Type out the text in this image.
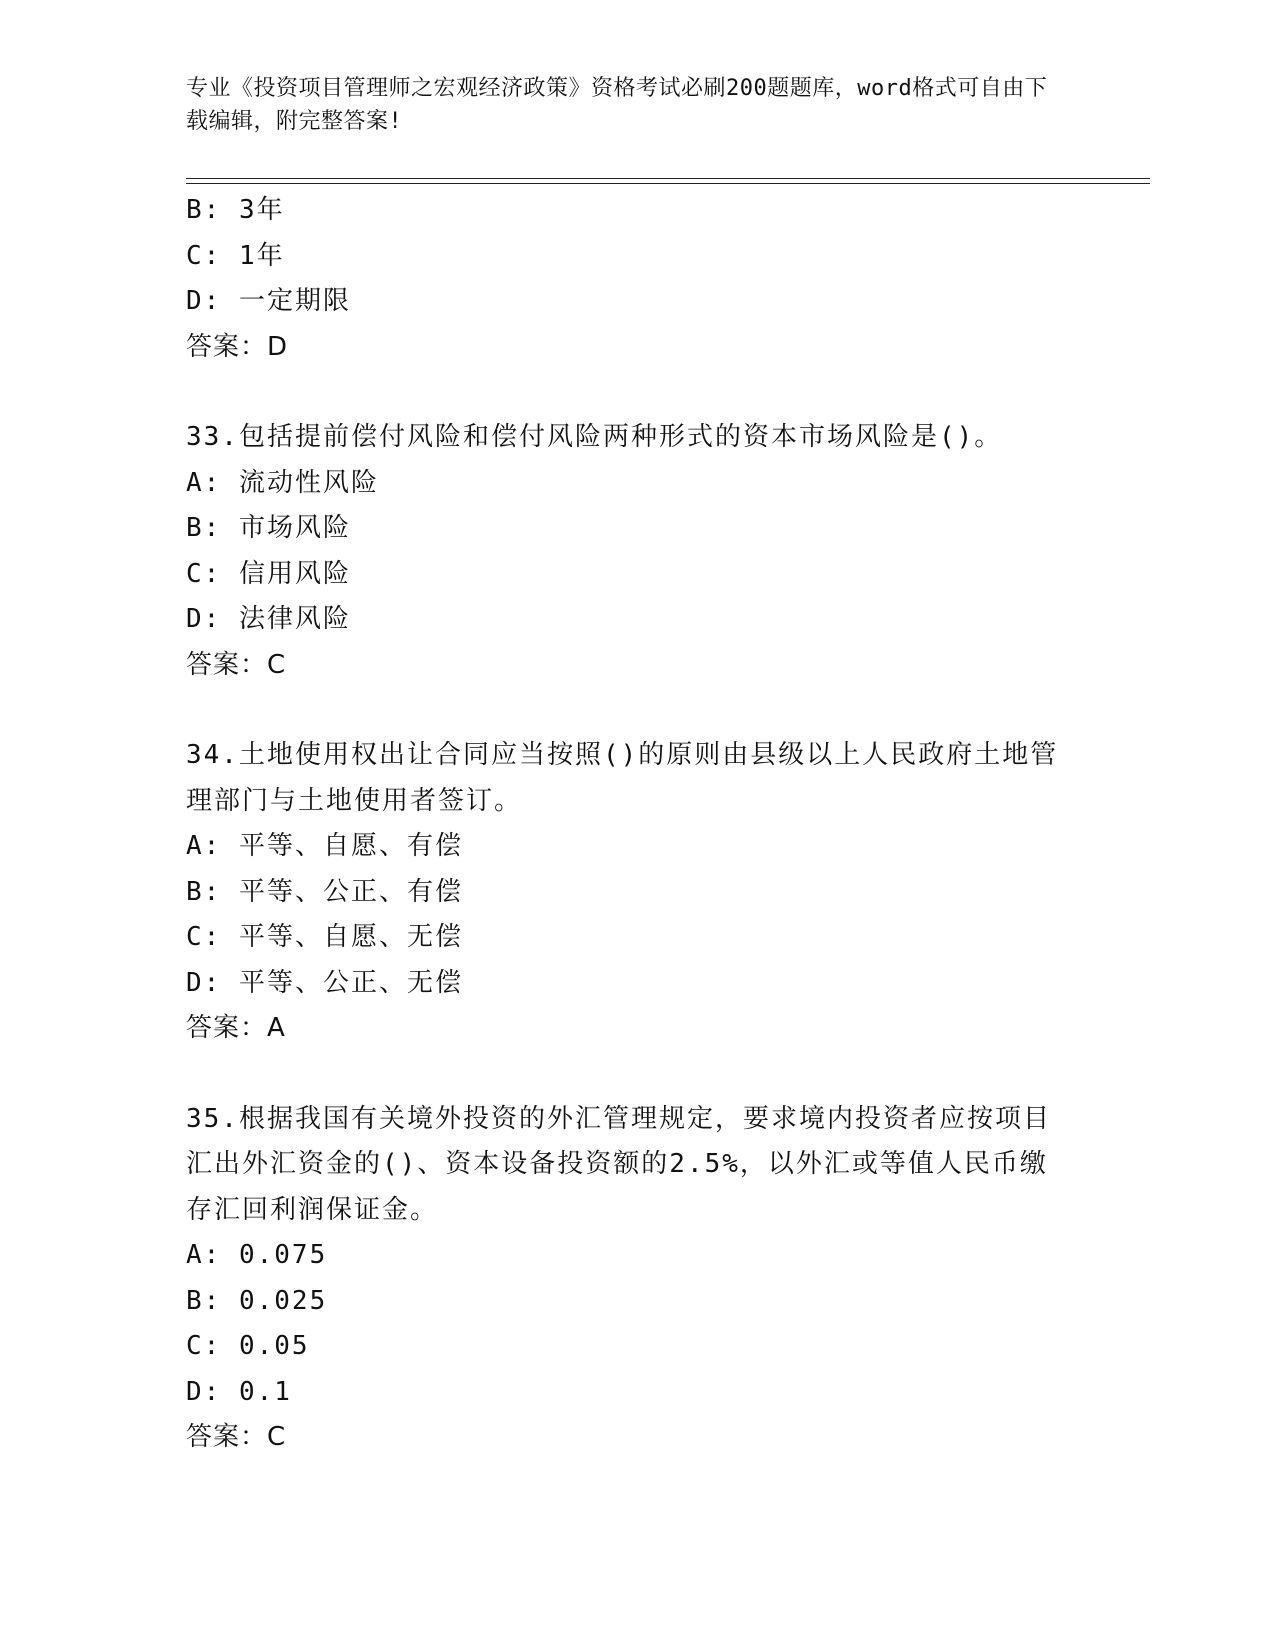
专业《投资项目管理师之宏观经济政策》资格考试必刷200题题库，word格式可自由下载编辑，附完整答案!
B: 3年
C: 1年
D: 一定期限
答案：D
33.包括提前偿付风险和偿付风险两种形式的资本市场风险是()。
A: 流动性风险
B: 市场风险
C: 信用风险
D: 法律风险
答案：C
34.土地使用权出让合同应当按照()的原则由县级以上人民政府土地管理部门与土地使用者签订。
A: 平等、自愿、有偿
B: 平等、公正、有偿
C: 平等、自愿、无偿
D: 平等、公正、无偿
答案：A
35.根据我国有关境外投资的外汇管理规定，要求境内投资者应按项目汇出外汇资金的()、资本设备投资额的2.5%，以外汇或等值人民币缴存汇回利润保证金。
A: 0.075
B: 0.025
C: 0.05
D: 0.1
答案：C
